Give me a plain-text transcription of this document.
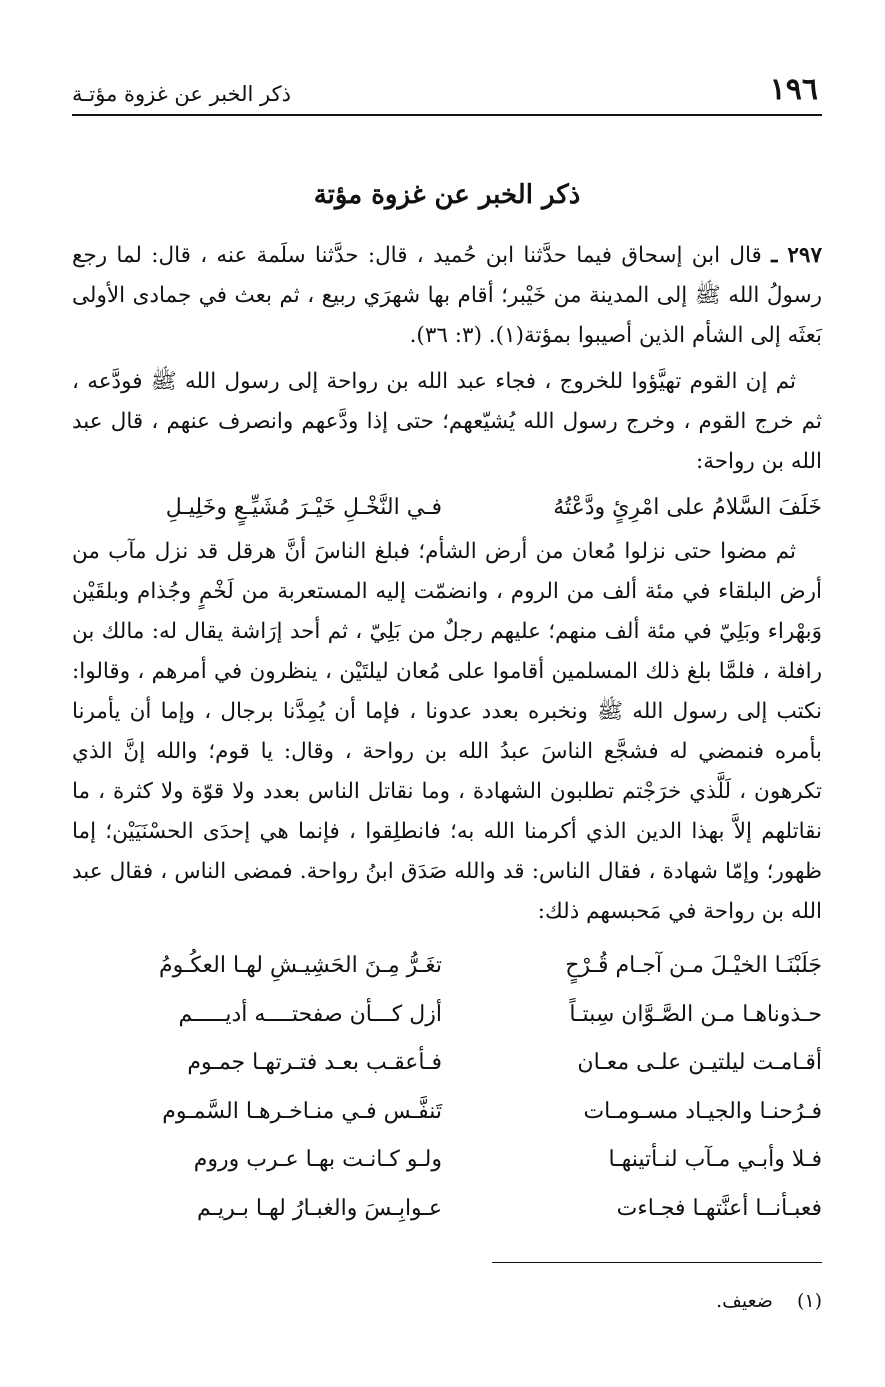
١٩٦
ذكر الخبر عن غزوة مؤتـة
ذكر الخبر عن غزوة مؤتة

٢٩٧ ـ قال ابن إسحاق فيما حدَّثنا ابن حُميد ، قال: حدَّثنا سلَمة عنه ، قال: لما رجع رسولُ الله ﷺ إلى المدينة من خَيْبر؛ أقام بها شهرَي ربيع ، ثم بعث في جمادى الأولى بَعثَه إلى الشأم الذين أصيبوا بمؤتة(١). (٣: ٣٦).

ثم إن القوم تهيَّؤوا للخروج ، فجاء عبد الله بن رواحة إلى رسول الله ﷺ فودَّعه ، ثم خرج القوم ، وخرج رسول الله يُشيّعهم؛ حتى إذا ودَّعهم وانصرف عنهم ، قال عبد الله بن رواحة:

خَلَفَ السَّلامُ على امْرِئٍ ودَّعْتُهُ
فـي النَّخْـلِ خَيْـرَ مُشَيِّـعٍ وخَلِيـلِ

ثم مضوا حتى نزلوا مُعان من أرض الشأم؛ فبلغ الناسَ أنَّ هرقل قد نزل مآب من أرض البلقاء في مئة ألف من الروم ، وانضمّت إليه المستعربة من لَخْمٍ وجُذام وبلقَيْن وَبهْراء وبَلِيّ في مئة ألف منهم؛ عليهم رجلٌ من بَلِيّ ، ثم أحد إرَاشة يقال له: مالك بن رافلة ، فلمَّا بلغ ذلك المسلمين أقاموا على مُعان ليلتَيْن ، ينظرون في أمرهم ، وقالوا: نكتب إلى رسول الله ﷺ ونخبره بعدد عدونا ، فإما أن يُمِدَّنا برجال ، وإما أن يأمرنا بأمره فنمضي له فشجَّع الناسَ عبدُ الله بن رواحة ، وقال: يا قوم؛ والله إنَّ الذي تكرهون ، لَلَّذي خرَجْتم تطلبون الشهادة ، وما نقاتل الناس بعدد ولا قوّة ولا كثرة ، ما نقاتلهم إلاَّ بهذا الدين الذي أكرمنا الله به؛ فانطلِقوا ، فإنما هي إحدَى الحسْنَيَيْن؛ إما ظهور؛ وإمّا شهادة ، فقال الناس: قد والله صَدَق ابنُ رواحة. فمضى الناس ، فقال عبد الله بن رواحة في مَحبسهم ذلك:

جَلَبْنَـا الخيْـلَ مـن آجـام قُـرْحٍ
تغَـرُّ مِـنَ الحَشِيـشِ لهـا العكُـومُ
حـذوناهـا مـن الصَّـوَّان سِبتـاً
أزل كـــأن صفحتــــه أديـــــم
أقـامـت ليلتيـن علـى معـان
فـأعقـب بعـد فتـرتهـا جمـوم
فـرُحنـا والجيـاد مسـومـات
تَنفَّـس فـي منـاخـرهـا السَّمـوم
فـلا وأبـي مـآب لنـأتينهـا
ولـو كـانـت بهـا عـرب وروم
فعبـأنــا أعنَّتهـا فجـاءت
عـوابِـسَ والغبـارُ لهـا بـريـم
(١) ضعيف.
